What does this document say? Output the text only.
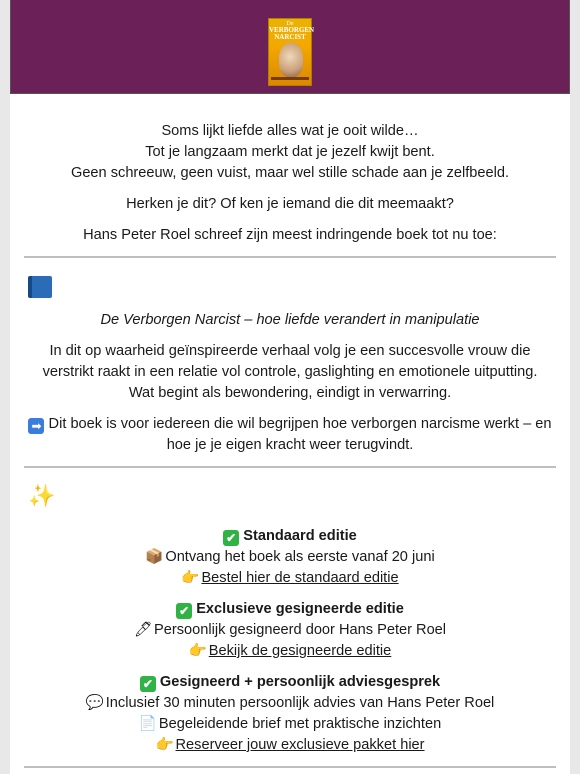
De
VERBORGEN NARCIST

Soms lijkt liefde alles wat je ooit wilde…

Tot je langzaam merkt dat je jezelf kwijt bent.

Geen schreeuw, geen vuist, maar wel stille schade aan je zelfbeeld.

Herken je dit? Of ken je iemand die dit meemaakt?

Hans Peter Roel schreef zijn meest indringende boek tot nu toe:

De Verborgen Narcist – hoe liefde verandert in manipulatie

In dit op waarheid geïnspireerde verhaal volg je een succesvolle vrouw die

verstrikt raakt in een relatie vol controle, gaslighting en emotionele uitputting.

Wat begint als bewondering, eindigt in verwarring.

➡ Dit boek is voor iedereen die wil begrijpen hoe verborgen narcisme werkt – en

hoe je je eigen kracht weer terugvindt.

✨

✔ Standaard editie

📦 Ontvang het boek als eerste vanaf 20 juni

👉 Bestel hier de standaard editie

✔ Exclusieve gesigneerde editie

🖊 Persoonlijk gesigneerd door Hans Peter Roel

👉 Bekijk de gesigneerde editie

✔ Gesigneerd + persoonlijk adviesgesprek

💬 Inclusief 30 minuten persoonlijk advies van Hans Peter Roel

📄 Begeleidende brief met praktische inzichten

👉 Reserveer jouw exclusieve pakket hier
